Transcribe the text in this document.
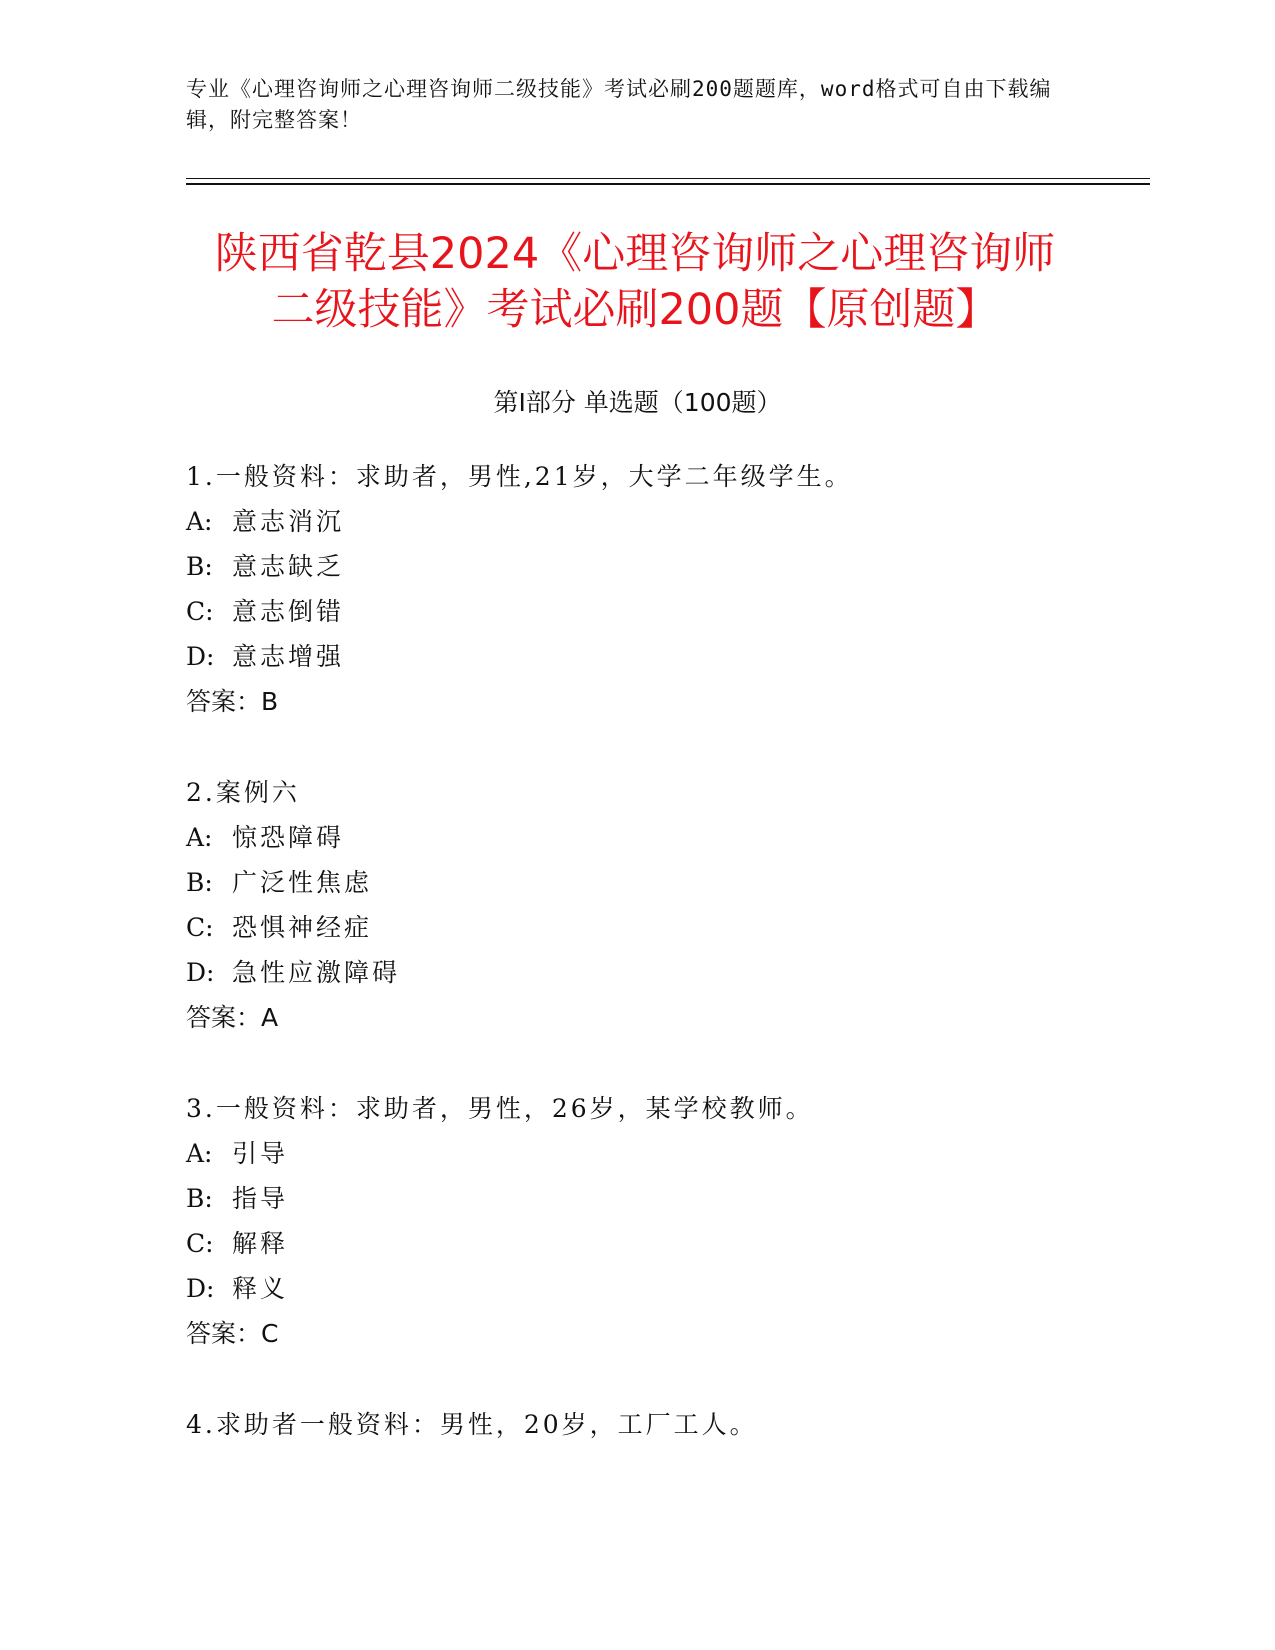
专业《心理咨询师之心理咨询师二级技能》考试必刷200题题库，word格式可自由下载编辑，附完整答案！
陕西省乾县2024《心理咨询师之心理咨询师
二级技能》考试必刷200题【原创题】
第Ⅰ部分 单选题（100题）
1.一般资料：求助者，男性,21岁，大学二年级学生。
A: 意志消沉
B: 意志缺乏
C: 意志倒错
D: 意志增强
答案：B
2.案例六
A: 惊恐障碍
B: 广泛性焦虑
C: 恐惧神经症
D: 急性应激障碍
答案：A
3.一般资料：求助者，男性，26岁，某学校教师。
A: 引导
B: 指导
C: 解释
D: 释义
答案：C
4.求助者一般资料：男性，20岁，工厂工人。
